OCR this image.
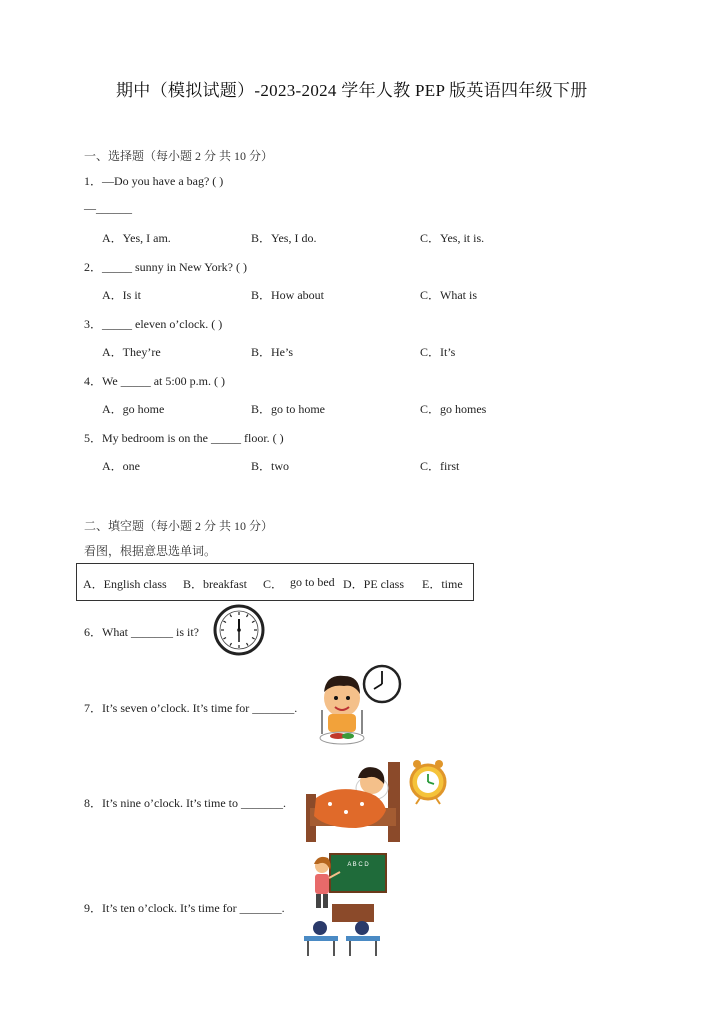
期中（模拟试题）-2023-2024 学年人教 PEP 版英语四年级下册
一、选择题（每小题 2 分 共 10 分）
1．—Do you have a bag? ( )
—______
A．Yes, I am.	B．Yes, I do.	C．Yes, it is.
2．_____ sunny in New York? ( )
A．Is it	B．How about	C．What is
3．_____ eleven o’clock. ( )
A．They’re	B．He’s	C．It’s
4．We _____ at 5:00 p.m. ( )
A．go home	B．go to home	C．go homes
5．My bedroom is on the _____ floor. ( )
A．one	B．two	C．first
二、填空题（每小题 2 分 共 10 分）
看图，根据意思选单词。
A．English class B．breakfast C． go to bed D．PE class E．time
6．What _______ is it?
7．It’s seven o’clock. It’s time for _______.
8．It’s nine o’clock. It’s time to _______.
9．It’s ten o’clock. It’s time for _______.
A B C D
